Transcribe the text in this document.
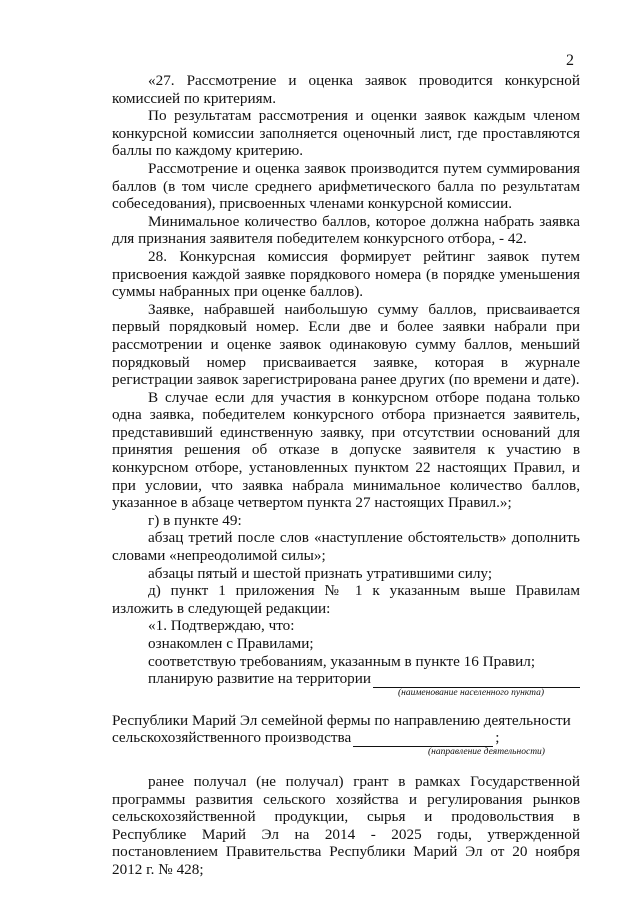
2

«27. Рассмотрение и оценка заявок проводится конкурсной комиссией по критериям.

По результатам рассмотрения и оценки заявок каждым членом конкурсной комиссии заполняется оценочный лист, где проставляются баллы по каждому критерию.

Рассмотрение и оценка заявок производится путем суммирования баллов (в том числе среднего арифметического балла по результатам собеседования), присвоенных членами конкурсной комиссии.

Минимальное количество баллов, которое должна набрать заявка для признания заявителя победителем конкурсного отбора, - 42.

28. Конкурсная комиссия формирует рейтинг заявок путем присвоения каждой заявке порядкового номера (в порядке уменьшения суммы набранных при оценке баллов).

Заявке, набравшей наибольшую сумму баллов, присваивается первый порядковый номер. Если две и более заявки набрали при рассмотрении и оценке заявок одинаковую сумму баллов, меньший порядковый номер присваивается заявке, которая в журнале регистрации заявок зарегистрирована ранее других (по времени и дате).

В случае если для участия в конкурсном отборе подана только одна заявка, победителем конкурсного отбора признается заявитель, представивший единственную заявку, при отсутствии оснований для принятия решения об отказе в допуске заявителя к участию в конкурсном отборе, установленных пунктом 22 настоящих Правил, и при условии, что заявка набрала минимальное количество баллов, указанное в абзаце четвертом пункта 27 настоящих Правил.»;

г) в пункте 49:

абзац третий после слов «наступление обстоятельств» дополнить словами «непреодолимой силы»;

абзацы пятый и шестой признать утратившими силу;

д) пункт 1 приложения № 1 к указанным выше Правилам изложить в следующей редакции:

«1. Подтверждаю, что:

ознакомлен с Правилами;

соответствую требованиям, указанным в пункте 16 Правил;

планирую развитие на территории
(наименование населенного пункта)

Республики Марий Эл семейной фермы по направлению деятельности

сельскохозяйственного производства	;
(направление деятельности)

ранее получал (не получал) грант в рамках Государственной программы развития сельского хозяйства и регулирования рынков сельскохозяйственной продукции, сырья и продовольствия в Республике Марий Эл на 2014 - 2025 годы, утвержденной постановлением Правительства Республики Марий Эл от 20 ноября 2012 г. № 428;
